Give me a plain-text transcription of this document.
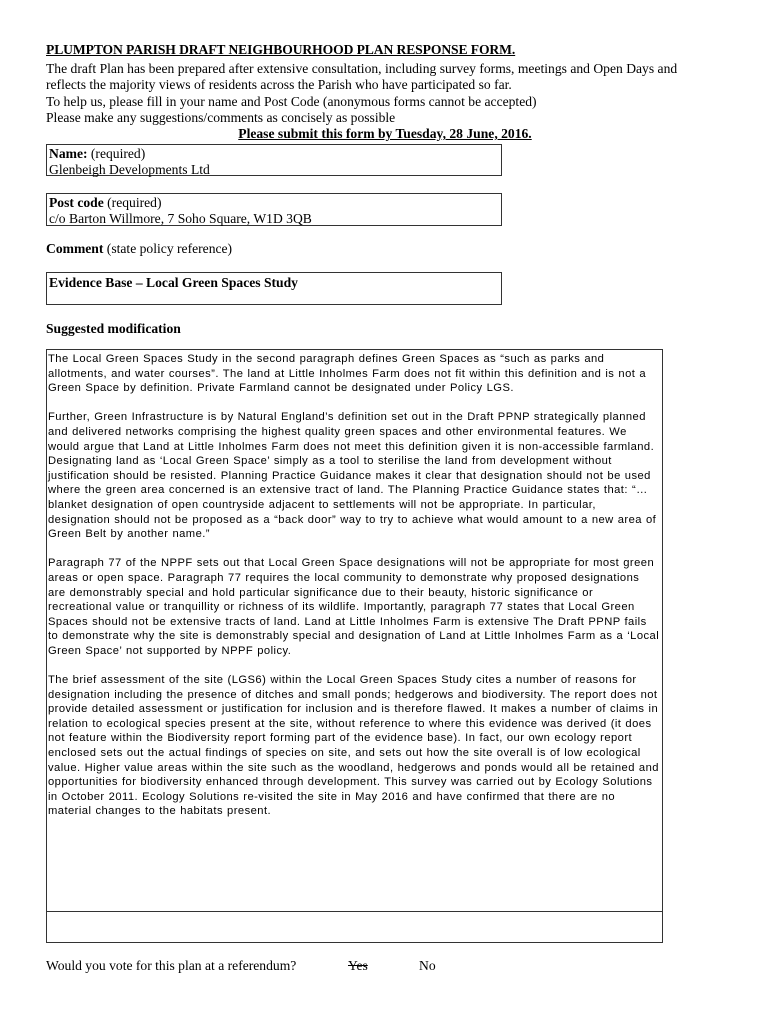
PLUMPTON PARISH DRAFT NEIGHBOURHOOD PLAN RESPONSE FORM.
The draft Plan has been prepared after extensive consultation, including survey forms, meetings and Open Days and
reflects the majority views of residents across the Parish who have participated so far.
To help us, please fill in your name and Post Code (anonymous forms cannot be accepted)
Please make any suggestions/comments as concisely as possible
Please submit this form by Tuesday, 28 June, 2016.
Name: (required)
Glenbeigh Developments Ltd
Post code (required)
c/o Barton Willmore, 7 Soho Square, W1D 3QB
Comment (state policy reference)
Evidence Base – Local Green Spaces Study
Suggested modification

The Local Green Spaces Study in the second paragraph defines Green Spaces as “such as parks and allotments, and water courses”. The land at Little Inholmes Farm does not fit within this definition and is not a Green Space by definition. Private Farmland cannot be designated under Policy LGS.

Further, Green Infrastructure is by Natural England’s definition set out in the Draft PPNP strategically planned and delivered networks comprising the highest quality green spaces and other environmental features. We would argue that Land at Little Inholmes Farm does not meet this definition given it is non-accessible farmland. Designating land as ‘Local Green Space’ simply as a tool to sterilise the land from development without justification should be resisted. Planning Practice Guidance makes it clear that designation should not be used where the green area concerned is an extensive tract of land. The Planning Practice Guidance states that: “… blanket designation of open countryside adjacent to settlements will not be appropriate. In particular, designation should not be proposed as a “back door” way to try to achieve what would amount to a new area of Green Belt by another name.”

Paragraph 77 of the NPPF sets out that Local Green Space designations will not be appropriate for most green areas or open space. Paragraph 77 requires the local community to demonstrate why proposed designations are demonstrably special and hold particular significance due to their beauty, historic significance or recreational value or tranquillity or richness of its wildlife. Importantly, paragraph 77 states that Local Green Spaces should not be extensive tracts of land. Land at Little Inholmes Farm is extensive The Draft PPNP fails to demonstrate why the site is demonstrably special and designation of Land at Little Inholmes Farm as a ‘Local Green Space’ not supported by NPPF policy.

The brief assessment of the site (LGS6) within the Local Green Spaces Study cites a number of reasons for designation including the presence of ditches and small ponds; hedgerows and biodiversity. The report does not provide detailed assessment or justification for inclusion and is therefore flawed. It makes a number of claims in relation to ecological species present at the site, without reference to where this evidence was derived (it does not feature within the Biodiversity report forming part of the evidence base). In fact, our own ecology report enclosed sets out the actual findings of species on site, and sets out how the site overall is of low ecological value. Higher value areas within the site such as the woodland, hedgerows and ponds would all be retained and opportunities for biodiversity enhanced through development. This survey was carried out by Ecology Solutions in October 2011. Ecology Solutions re-visited the site in May 2016 and have confirmed that there are no material changes to the habitats present.

Would you vote for this plan at a referendum?	Yes	No
